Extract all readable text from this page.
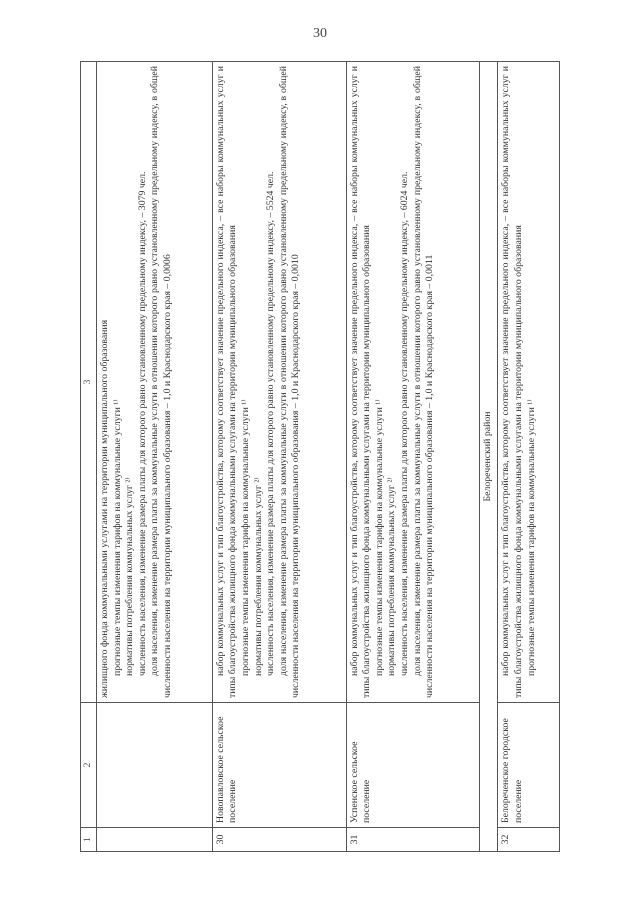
30
1	2	3

		жилищного фонда коммунальными услугами на территории муниципального образования прогнозные темпы изменения тарифов на коммунальные услуги ¹⁾ нормативы потребления коммунальных услуг ²⁾ численность населения, изменение размера платы для которого равно установленному предельному индексу, – 3079 чел. доля населения, изменение размера платы за коммунальные услуги в отношении которого равно установленному предельному индексу, в общей численности населения на территории муниципального образования – 1,0 и Краснодарского края – 0,0006

30	Новопавловское сельское поселение	набор коммунальных услуг и тип благоустройства, которому соответствует значение предельного индекса, – все наборы коммунальных услуг и типы благоустройства жилищного фонда коммунальными услугами на территории муниципального образования прогнозные темпы изменения тарифов на коммунальные услуги ¹⁾ нормативы потребления коммунальных услуг ²⁾ численность населения, изменение размера платы для которого равно установленному предельному индексу, – 5524 чел. доля населения, изменение размера платы за коммунальные услуги в отношении которого равно установленному предельному индексу, в общей численности населения на территории муниципального образования – 1,0 и Краснодарского края – 0,0010

31	Успенское сельское поселение	набор коммунальных услуг и тип благоустройства, которому соответствует значение предельного индекса, – все наборы коммунальных услуг и типы благоустройства жилищного фонда коммунальными услугами на территории муниципального образования прогнозные темпы изменения тарифов на коммунальные услуги ¹⁾ нормативы потребления коммунальных услуг ²⁾ численность населения, изменение размера платы для которого равно установленному предельному индексу, – 6024 чел. доля населения, изменение размера платы за коммунальные услуги в отношении которого равно установленному предельному индексу, в общей численности населения на территории муниципального образования – 1,0 и Краснодарского края – 0,0011

Белореченский район		
32	Белореченское городское поселение	набор коммунальных услуг и тип благоустройства, которому соответствует значение предельного индекса, – все наборы коммунальных услуг и типы благоустройства жилищного фонда коммунальными услугами на территории муниципального образования прогнозные темпы изменения тарифов на коммунальные услуги ¹⁾
